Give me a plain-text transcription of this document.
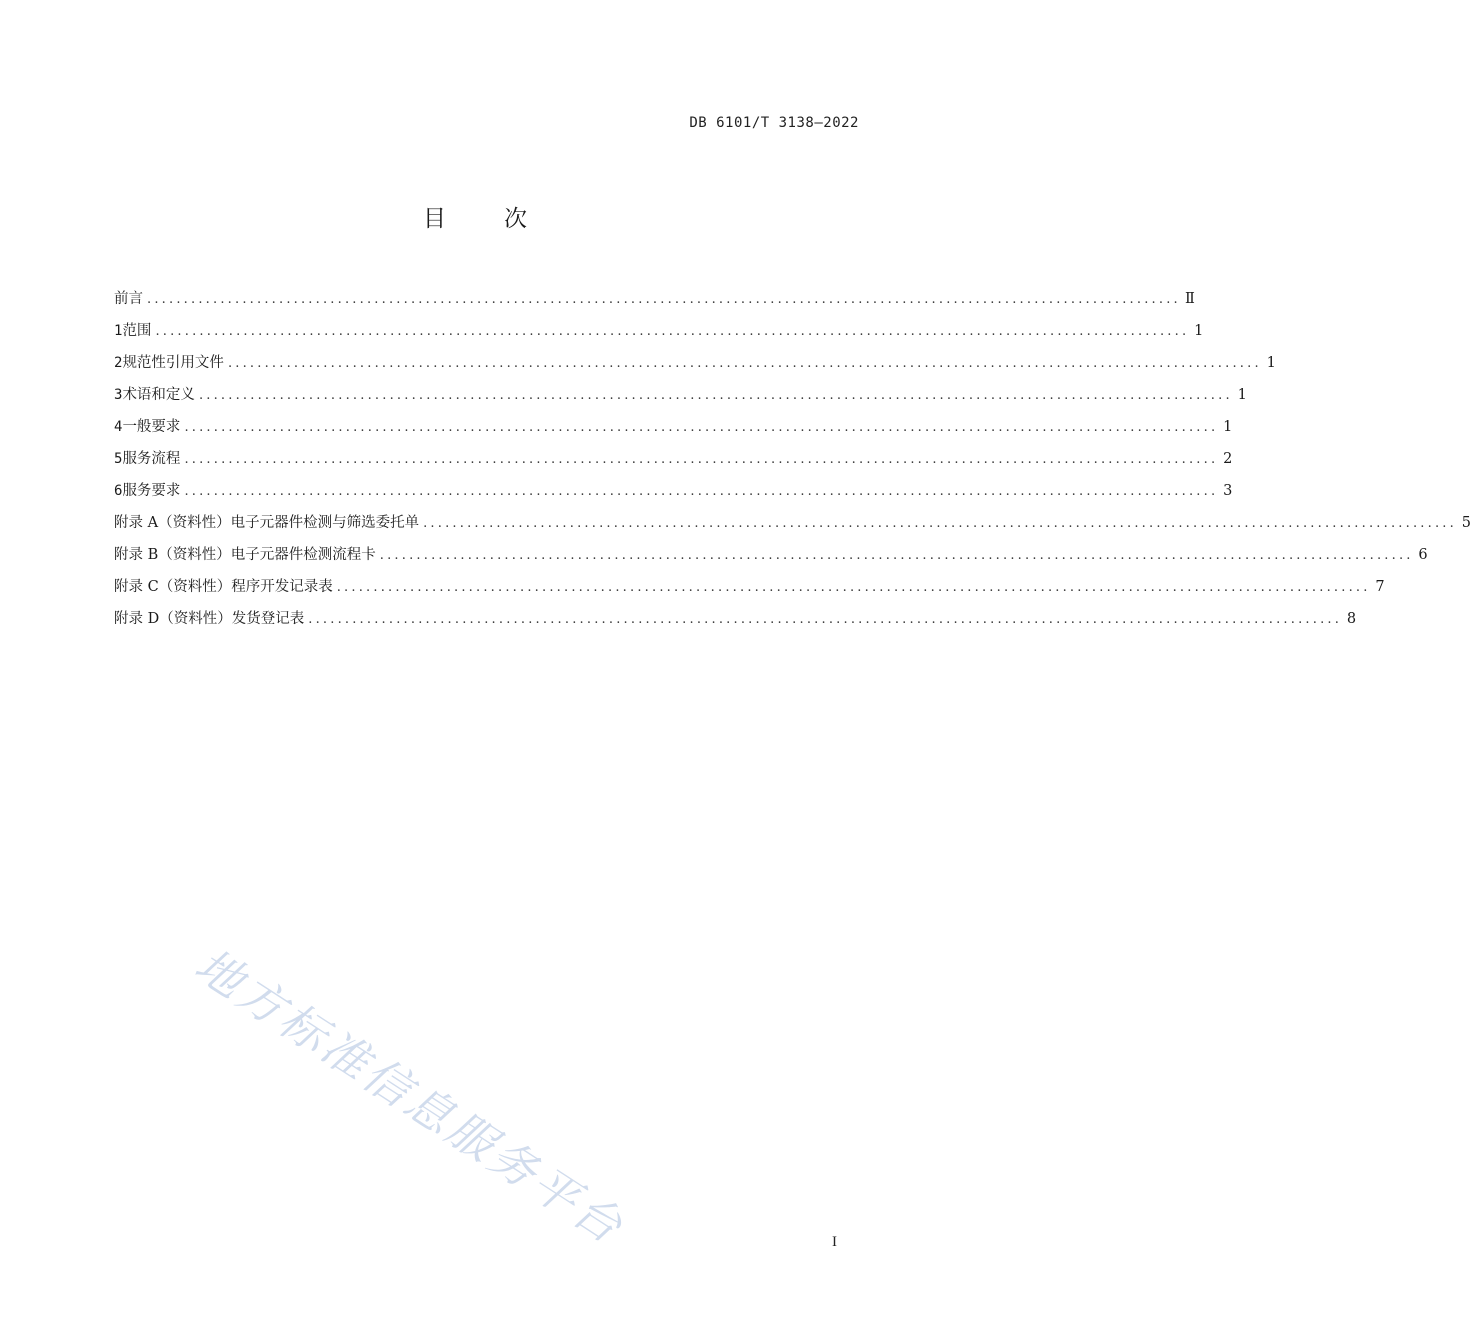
DB 6101/T 3138—2022
目	次
前言 ............................................................................................................................................. Ⅱ
1 范围 ............................................................................................................................................. 1
2 规范性引用文件 ............................................................................................................................................. 1
3 术语和定义 ............................................................................................................................................. 1
4 一般要求 ............................................................................................................................................. 1
5 服务流程 ............................................................................................................................................. 2
6 服务要求 ............................................................................................................................................. 3
附录 A（资料性） 电子元器件检测与筛选委托单 ............................................................................................................................................. 5
附录 B（资料性） 电子元器件检测流程卡 ............................................................................................................................................. 6
附录 C（资料性） 程序开发记录表 ............................................................................................................................................. 7
附录 D（资料性） 发货登记表 ............................................................................................................................................. 8
地方标准信息服务平台	I
